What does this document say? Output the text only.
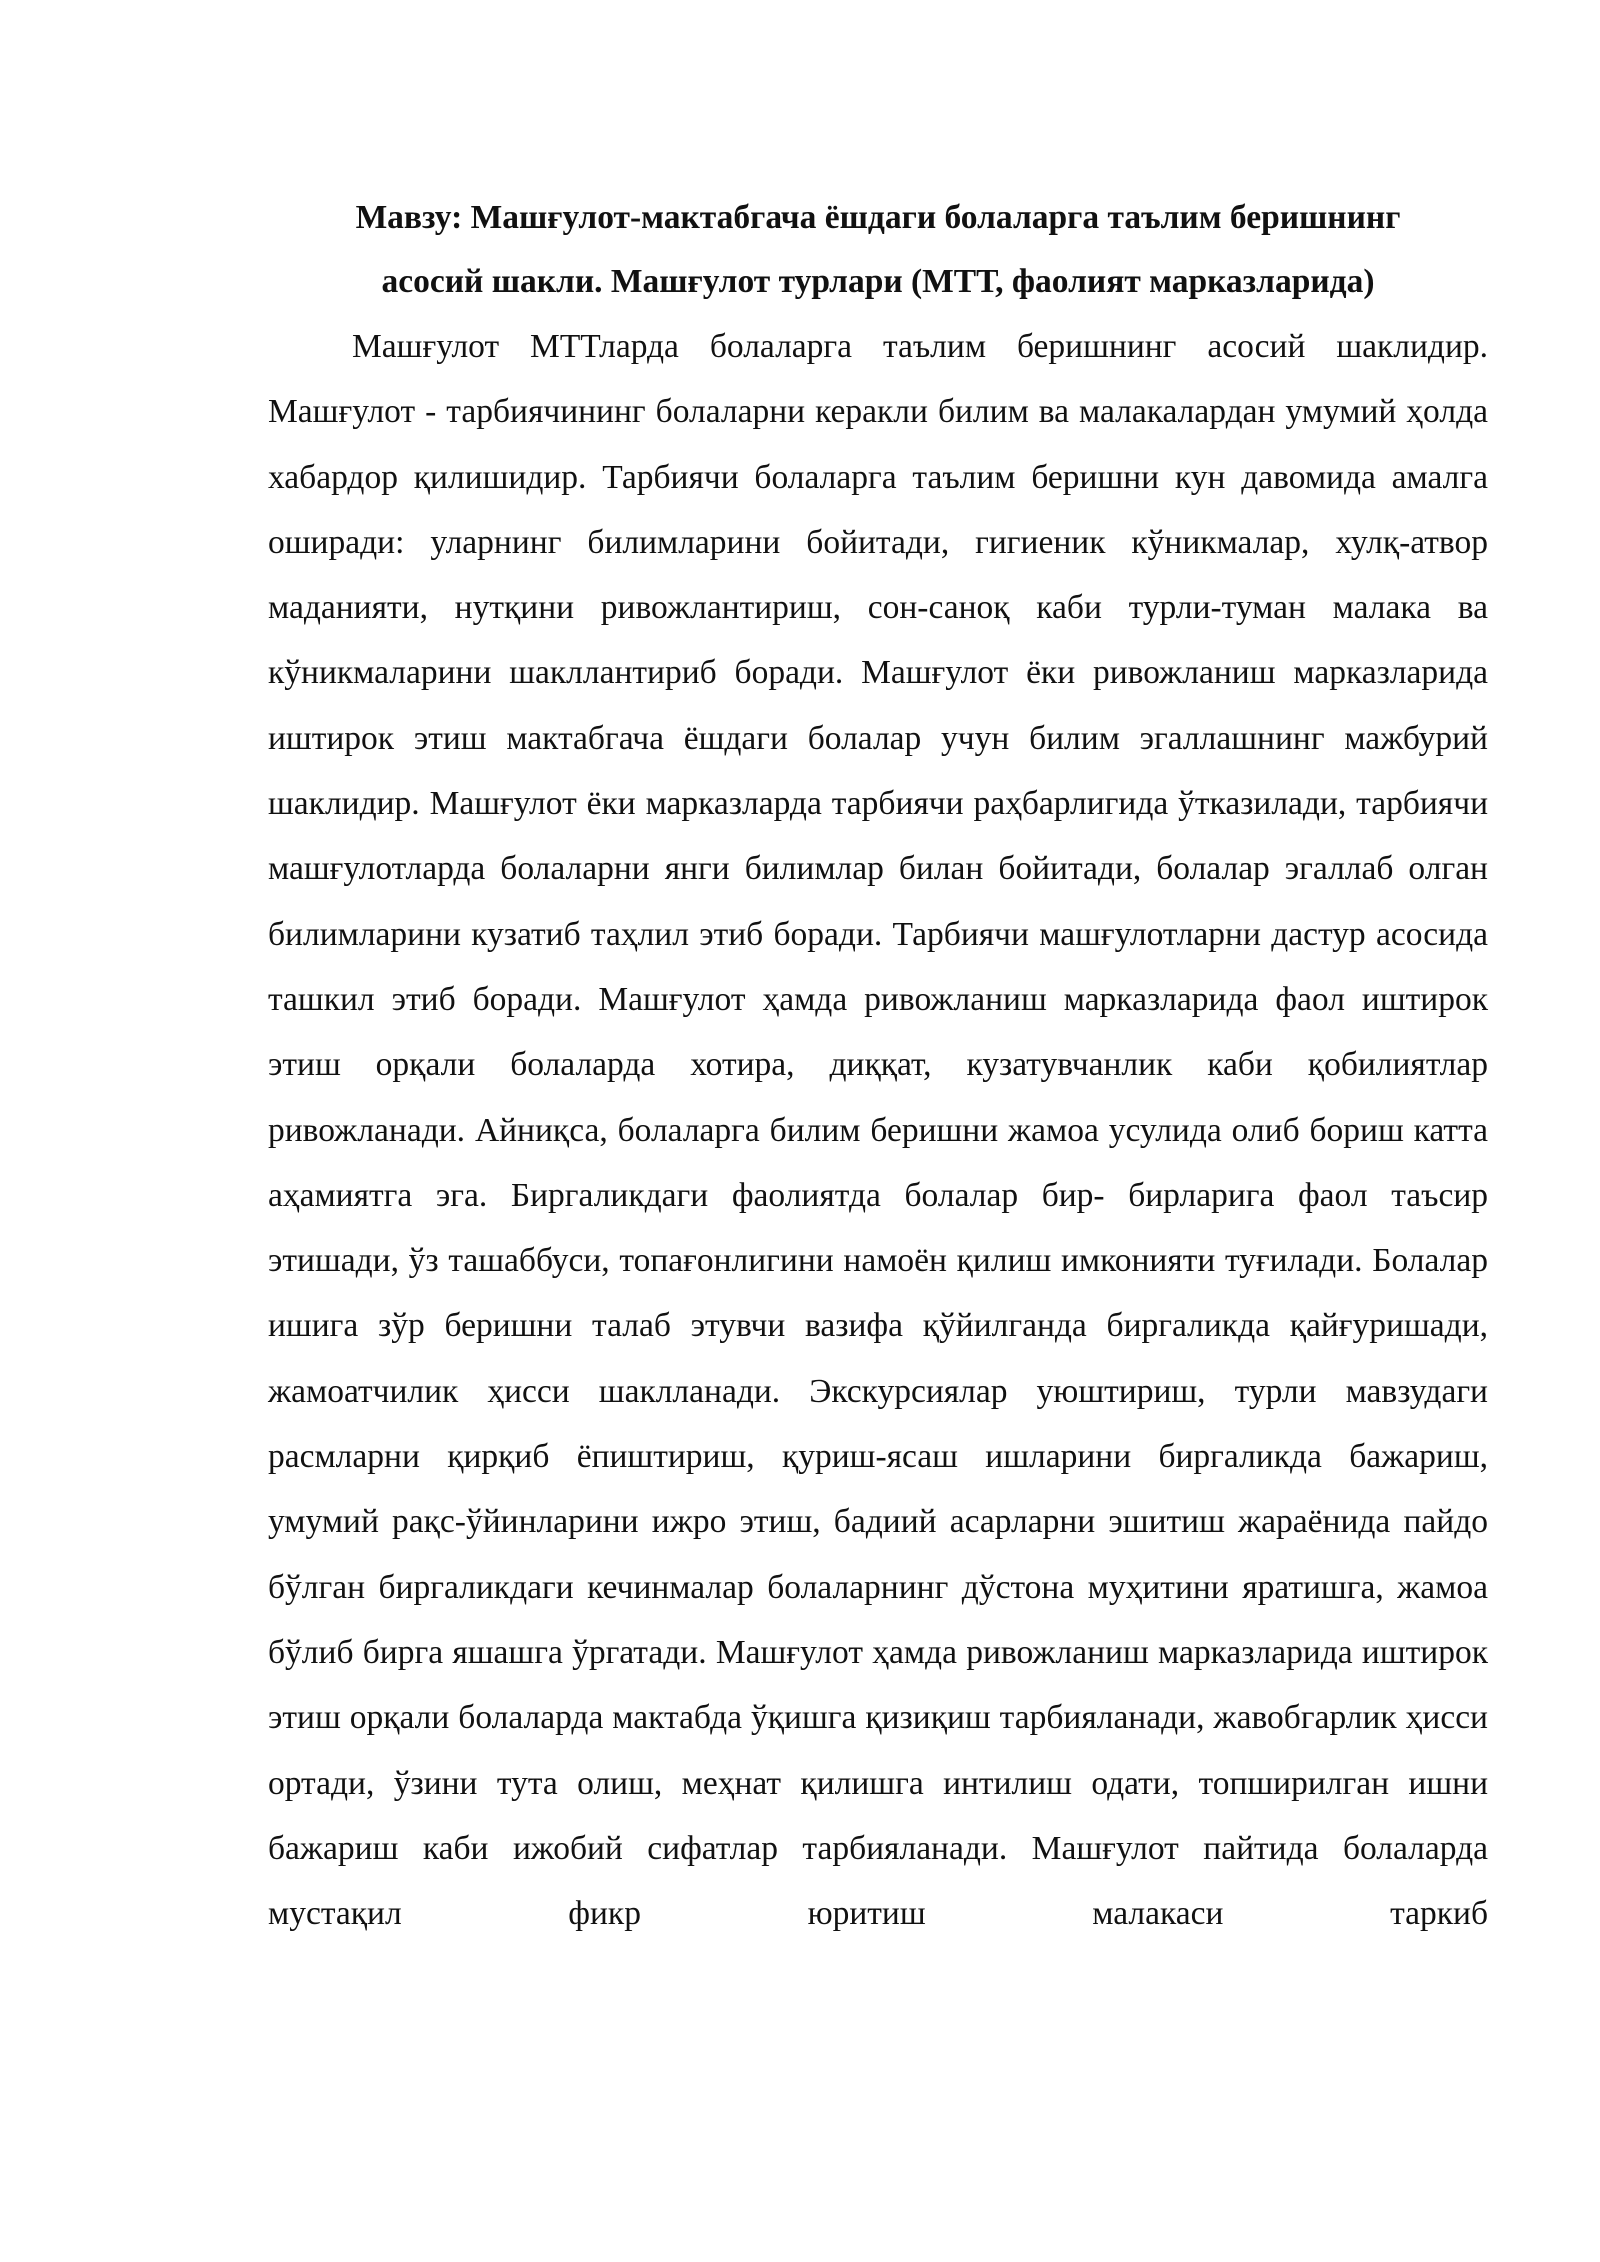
Мавзу: Машғулот-мактабгача ёшдаги болаларга таълим беришнинг
асосий шакли. Машғулот турлари (МТТ, фаолият марказларида)

Машғулот МТТларда болаларга таълим беришнинг асосий шаклидир. Машғулот - тарбиячининг болаларни керакли билим ва малакалардан умумий ҳолда хабардор қилишидир. Тарбиячи болаларга таълим беришни кун давомида амалга оширади: уларнинг билимларини бойитади, гигиеник кўникмалар, хулқ-атвор маданияти, нутқини ривожлантириш, сон-саноқ каби турли-туман малака ва кўникмаларини шакллантириб боради. Машғулот ёки ривожланиш марказларида иштирок этиш мактабгача ёшдаги болалар учун билим эгаллашнинг мажбурий шаклидир. Машғулот ёки марказларда тарбиячи раҳбарлигида ўтказилади, тарбиячи машғулотларда болаларни янги билимлар билан бойитади, болалар эгаллаб олган билимларини кузатиб таҳлил этиб боради. Тарбиячи машғулотларни дастур асосида ташкил этиб боради. Машғулот ҳамда ривожланиш марказларида фаол иштирок этиш орқали болаларда хотира, диққат, кузатувчанлик каби қобилиятлар ривожланади. Айниқса, болаларга билим беришни жамоа усулида олиб бориш катта аҳамиятга эга. Биргаликдаги фаолиятда болалар бир- бирларига фаол таъсир этишади, ўз ташаббуси, топағонлигини намоён қилиш имконияти туғилади. Болалар ишига зўр беришни талаб этувчи вазифа қўйилганда биргаликда қайғуришади, жамоатчилик ҳисси шаклланади. Экскурсиялар уюштириш, турли мавзудаги расмларни қирқиб ёпиштириш, қуриш-ясаш ишларини биргаликда бажариш, умумий рақс-ўйинларини ижро этиш, бадиий асарларни эшитиш жараёнида пайдо бўлган биргаликдаги кечинмалар болаларнинг дўстона муҳитини яратишга, жамоа бўлиб бирга яшашга ўргатади. Машғулот ҳамда ривожланиш марказларида иштирок этиш орқали болаларда мактабда ўқишга қизиқиш тарбияланади, жавобгарлик ҳисси ортади, ўзини тута олиш, меҳнат қилишга интилиш одати, топширилган ишни бажариш каби ижобий сифатлар тарбияланади. Машғулот пайтида болаларда мустақил фикр юритиш малакаси таркиб
